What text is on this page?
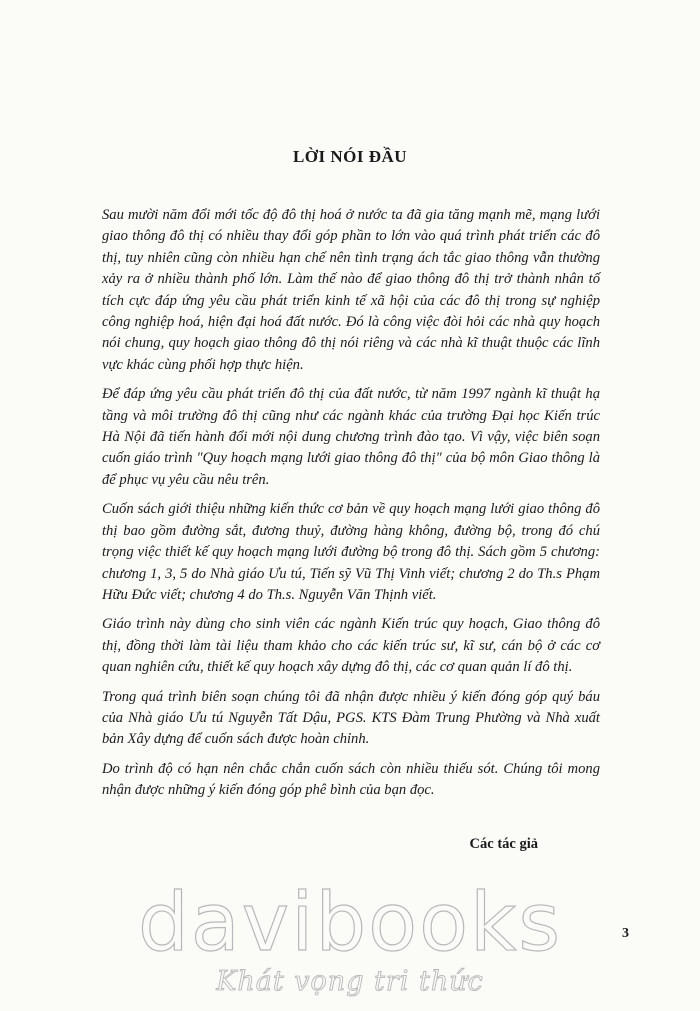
LỜI NÓI ĐẦU

Sau mười năm đổi mới tốc độ đô thị hoá ở nước ta đã gia tăng mạnh mẽ, mạng lưới giao thông đô thị có nhiều thay đổi góp phần to lớn vào quá trình phát triển các đô thị, tuy nhiên cũng còn nhiều hạn chế nên tình trạng ách tắc giao thông vẫn thường xảy ra ở nhiều thành phố lớn. Làm thế nào để giao thông đô thị trở thành nhân tố tích cực đáp ứng yêu cầu phát triển kinh tế xã hội của các đô thị trong sự nghiệp công nghiệp hoá, hiện đại hoá đất nước. Đó là công việc đòi hỏi các nhà quy hoạch nói chung, quy hoạch giao thông đô thị nói riêng và các nhà kĩ thuật thuộc các lĩnh vực khác cùng phối hợp thực hiện.

Để đáp ứng yêu cầu phát triển đô thị của đất nước, từ năm 1997 ngành kĩ thuật hạ tầng và môi trường đô thị cũng như các ngành khác của trường Đại học Kiến trúc Hà Nội đã tiến hành đổi mới nội dung chương trình đào tạo. Vì vậy, việc biên soạn cuốn giáo trình "Quy hoạch mạng lưới giao thông đô thị" của bộ môn Giao thông là để phục vụ yêu cầu nêu trên.

Cuốn sách giới thiệu những kiến thức cơ bản về quy hoạch mạng lưới giao thông đô thị bao gồm đường sắt, đương thuỷ, đường hàng không, đường bộ, trong đó chú trọng việc thiết kế quy hoạch mạng lưới đường bộ trong đô thị. Sách gồm 5 chương: chương 1, 3, 5 do Nhà giáo Ưu tú, Tiến sỹ Vũ Thị Vinh viết; chương 2 do Th.s Phạm Hữu Đức viết; chương 4 do Th.s. Nguyễn Văn Thịnh viết.

Giáo trình này dùng cho sinh viên các ngành Kiến trúc quy hoạch, Giao thông đô thị, đồng thời làm tài liệu tham khảo cho các kiến trúc sư, kĩ sư, cán bộ ở các cơ quan nghiên cứu, thiết kế quy hoạch xây dựng đô thị, các cơ quan quản lí đô thị.

Trong quá trình biên soạn chúng tôi đã nhận được nhiều ý kiến đóng góp quý báu của Nhà giáo Ưu tú Nguyễn Tất Dậu, PGS. KTS Đàm Trung Phường và Nhà xuất bản Xây dựng để cuốn sách được hoàn chỉnh.

Do trình độ có hạn nên chắc chắn cuốn sách còn nhiều thiếu sót. Chúng tôi mong nhận được những ý kiến đóng góp phê bình của bạn đọc.

Các tác giả
3
davibooks
Khát vọng tri thức
